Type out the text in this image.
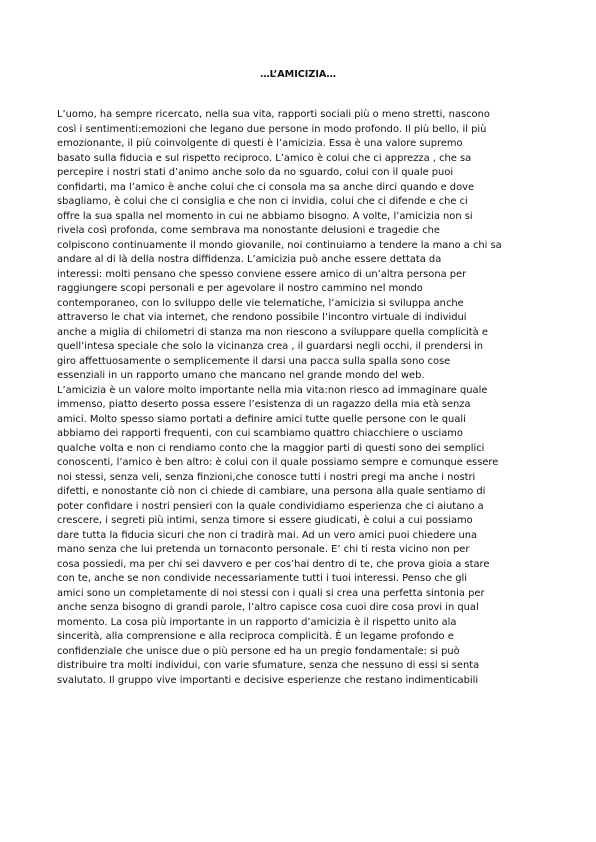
…L’AMICIZIA…
L’uomo, ha sempre ricercato, nella sua vita, rapporti sociali più o meno stretti, nascono
così i sentimenti:emozioni che legano due persone in modo profondo. Il più bello, il più
emozionante, il più coinvolgente di questi è l’amicizia. Essa è una valore supremo
basato sulla fiducia e sul rispetto reciproco. L’amico è colui che ci apprezza , che sa
percepire i nostri stati d’animo anche solo da no sguardo, colui con il quale puoi
confidarti, ma l’amico è anche colui che ci consola ma sa anche dirci quando e dove
sbagliamo, è colui che ci consiglia e che non ci invidia, colui che ci difende e che ci
offre la sua spalla nel momento in cui ne abbiamo bisogno. A volte, l’amicizia non si
rivela così profonda, come sembrava ma nonostante delusioni e tragedie che
colpiscono continuamente il mondo giovanile, noi continuiamo a tendere la mano a chi sa
andare al di là della nostra diffidenza. L’amicizia può anche essere dettata da
interessi: molti pensano che spesso conviene essere amico di un’altra persona per
raggiungere scopi personali e per agevolare il nostro cammino nel mondo
contemporaneo, con lo sviluppo delle vie telematiche, l’amicizia si sviluppa anche
attraverso le chat via internet, che rendono possibile l’incontro virtuale di individui
anche a miglia di chilometri di stanza ma non riescono a sviluppare quella complicità e
quell’intesa speciale che solo la vicinanza crea , il guardarsi negli occhi, il prendersi in
giro affettuosamente o semplicemente il darsi una pacca sulla spalla sono cose
essenziali in un rapporto umano che mancano nel grande mondo del web.
L’amicizia è un valore molto importante nella mia vita:non riesco ad immaginare quale
immenso, piatto deserto possa essere l’esistenza di un ragazzo della mia età senza
amici. Molto spesso siamo portati a definire amici tutte quelle persone con le quali
abbiamo dei rapporti frequenti, con cui scambiamo quattro chiacchiere o usciamo
qualche volta e non ci rendiamo conto che la maggior parti di questi sono dei semplici
conoscenti, l’amico è ben altro: è colui con il quale possiamo sempre e comunque essere
noi stessi, senza veli, senza finzioni,che conosce tutti i nostri pregi ma anche i nostri
difetti, e nonostante ciò non ci chiede di cambiare, una persona alla quale sentiamo di
poter confidare i nostri pensieri con la quale condividiamo esperienza che ci aiutano a
crescere, i segreti più intimi, senza timore si essere giudicati, è colui a cui possiamo
dare tutta la fiducia sicuri che non ci tradirà mai. Ad un vero amici puoi chiedere una
mano senza che lui pretenda un tornaconto personale. E’ chi ti resta vicino non per
cosa possiedi, ma per chi sei davvero e per cos’hai dentro di te, che prova gioia a stare
con te, anche se non condivide necessariamente tutti i tuoi interessi. Penso che gli
amici sono un completamente di noi stessi con i quali si crea una perfetta sintonia per
anche senza bisogno di grandi parole, l’altro capisce cosa cuoi dire cosa provi in qual
momento. La cosa più importante in un rapporto d’amicizia è il rispetto unito ala
sincerità, alla comprensione e alla reciproca complicità. È un legame profondo e
confidenziale che unisce due o più persone ed ha un pregio fondamentale: si può
distribuire tra molti individui, con varie sfumature, senza che nessuno di essi si senta
svalutato. Il gruppo vive importanti e decisive esperienze che restano indimenticabili
